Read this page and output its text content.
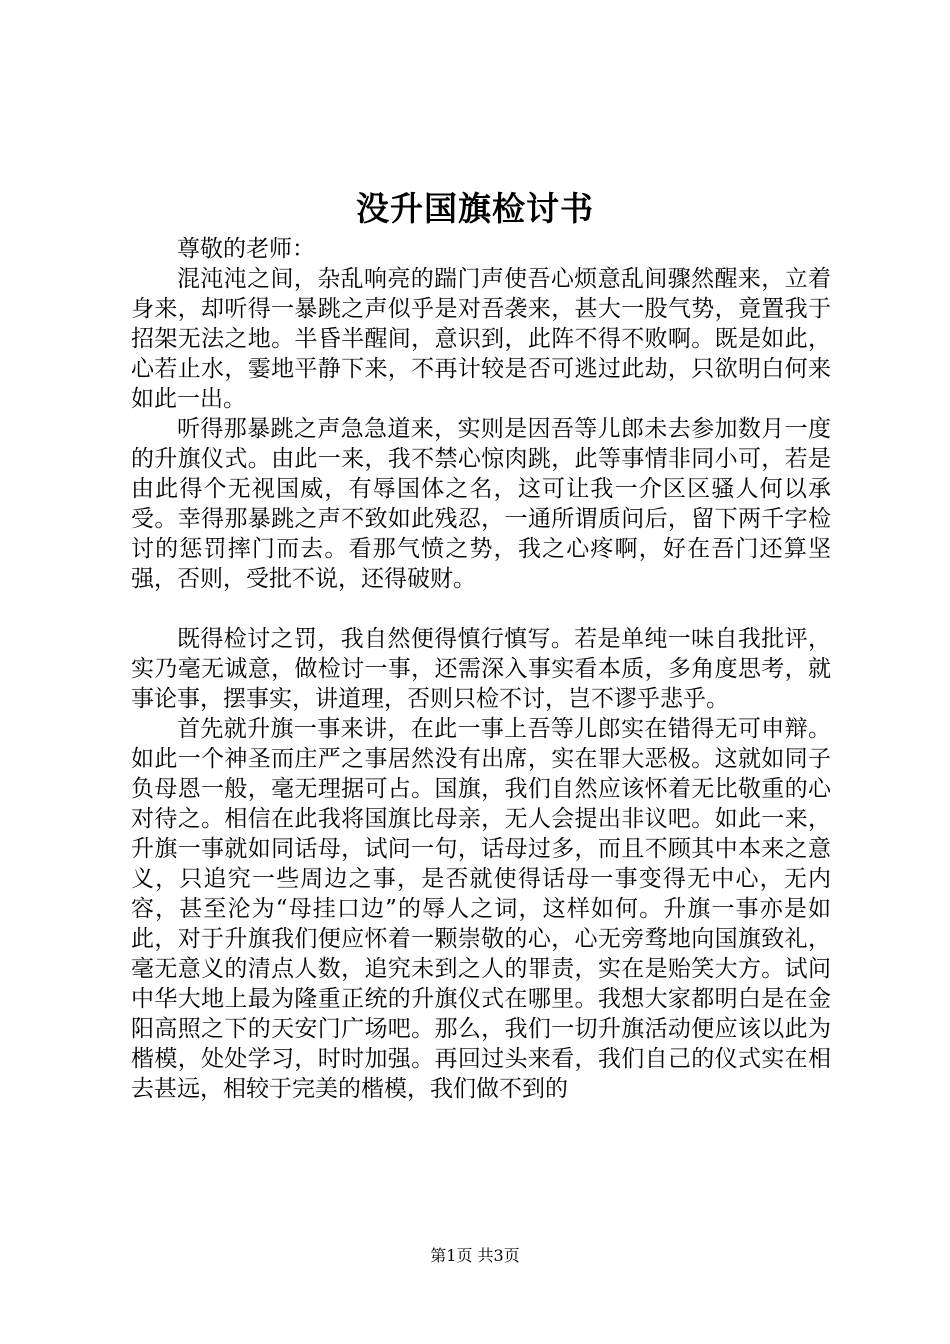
没升国旗检讨书

尊敬的老师：

混沌沌之间，杂乱响亮的踹门声使吾心烦意乱间骤然醒来，立着身来，却听得一暴跳之声似乎是对吾袭来，甚大一股气势，竟置我于招架无法之地。半昏半醒间，意识到，此阵不得不败啊。既是如此，心若止水，霎地平静下来，不再计较是否可逃过此劫，只欲明白何来如此一出。

听得那暴跳之声急急道来，实则是因吾等儿郎未去参加数月一度的升旗仪式。由此一来，我不禁心惊肉跳，此等事情非同小可，若是由此得个无视国威，有辱国体之名，这可让我一介区区骚人何以承受。幸得那暴跳之声不致如此残忍，一通所谓质问后，留下两千字检讨的惩罚摔门而去。看那气愤之势，我之心疼啊，好在吾门还算坚强，否则，受批不说，还得破财。

既得检讨之罚，我自然便得慎行慎写。若是单纯一味自我批评，实乃毫无诚意，做检讨一事，还需深入事实看本质，多角度思考，就事论事，摆事实，讲道理，否则只检不讨，岂不谬乎悲乎。

首先就升旗一事来讲，在此一事上吾等儿郎实在错得无可申辩。如此一个神圣而庄严之事居然没有出席，实在罪大恶极。这就如同子负母恩一般，毫无理据可占。国旗，我们自然应该怀着无比敬重的心对待之。相信在此我将国旗比母亲，无人会提出非议吧。如此一来，升旗一事就如同话母，试问一句，话母过多，而且不顾其中本来之意义，只追究一些周边之事，是否就使得话母一事变得无中心，无内容，甚至沦为“母挂口边”的辱人之词，这样如何。升旗一事亦是如此，对于升旗我们便应怀着一颗崇敬的心，心无旁骛地向国旗致礼，毫无意义的清点人数，追究未到之人的罪责，实在是贻笑大方。试问中华大地上最为隆重正统的升旗仪式在哪里。我想大家都明白是在金阳高照之下的天安门广场吧。那么，我们一切升旗活动便应该以此为楷模，处处学习，时时加强。再回过头来看，我们自己的仪式实在相去甚远，相较于完美的楷模，我们做不到的

第1页 共3页
